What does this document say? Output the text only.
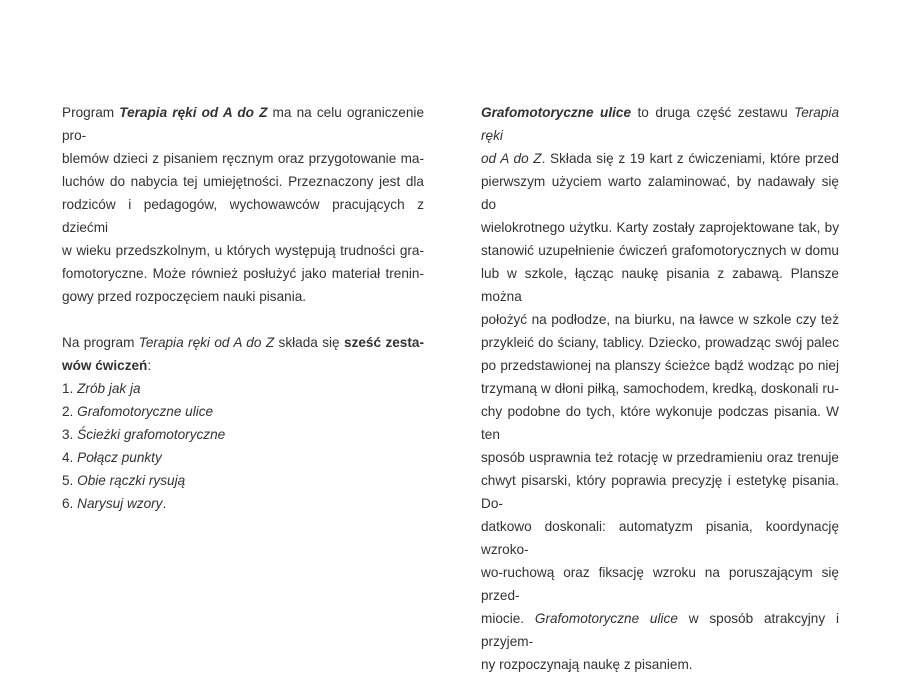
Program Terapia ręki od A do Z ma na celu ograniczenie pro-
blemów dzieci z pisaniem ręcznym oraz przygotowanie ma-
luchów do nabycia tej umiejętności. Przeznaczony jest dla
rodziców i pedagogów, wychowawców pracujących z dziećmi
w wieku przedszkolnym, u których występują trudności gra-
fomotoryczne. Może również posłużyć jako materiał trenin-
gowy przed rozpoczęciem nauki pisania.
Na program Terapia ręki od A do Z składa się sześć zesta-
wów ćwiczeń:
1. Zrób jak ja
2. Grafomotoryczne ulice
3. Ścieżki grafomotoryczne
4. Połącz punkty
5. Obie rączki rysują
6. Narysuj wzory.
Grafomotoryczne ulice to druga część zestawu Terapia ręki
od A do Z. Składa się z 19 kart z ćwiczeniami, które przed
pierwszym użyciem warto zalaminować, by nadawały się do
wielokrotnego użytku. Karty zostały zaprojektowane tak, by
stanowić uzupełnienie ćwiczeń grafomotorycznych w domu
lub w szkole, łącząc naukę pisania z zabawą. Plansze można
położyć na podłodze, na biurku, na ławce w szkole czy też
przykleić do ściany, tablicy. Dziecko, prowadząc swój palec
po przedstawionej na planszy ścieżce bądź wodząc po niej
trzymaną w dłoni piłką, samochodem, kredką, doskonali ru-
chy podobne do tych, które wykonuje podczas pisania. W ten
sposób usprawnia też rotację w przedramieniu oraz trenuje
chwyt pisarski, który poprawia precyzję i estetykę pisania. Do-
datkowo doskonali: automatyzm pisania, koordynację wzroko-
wo-ruchową oraz fiksację wzroku na poruszającym się przed-
miocie. Grafomotoryczne ulice w sposób atrakcyjny i przyjem-
ny rozpoczynają naukę z pisaniem.
